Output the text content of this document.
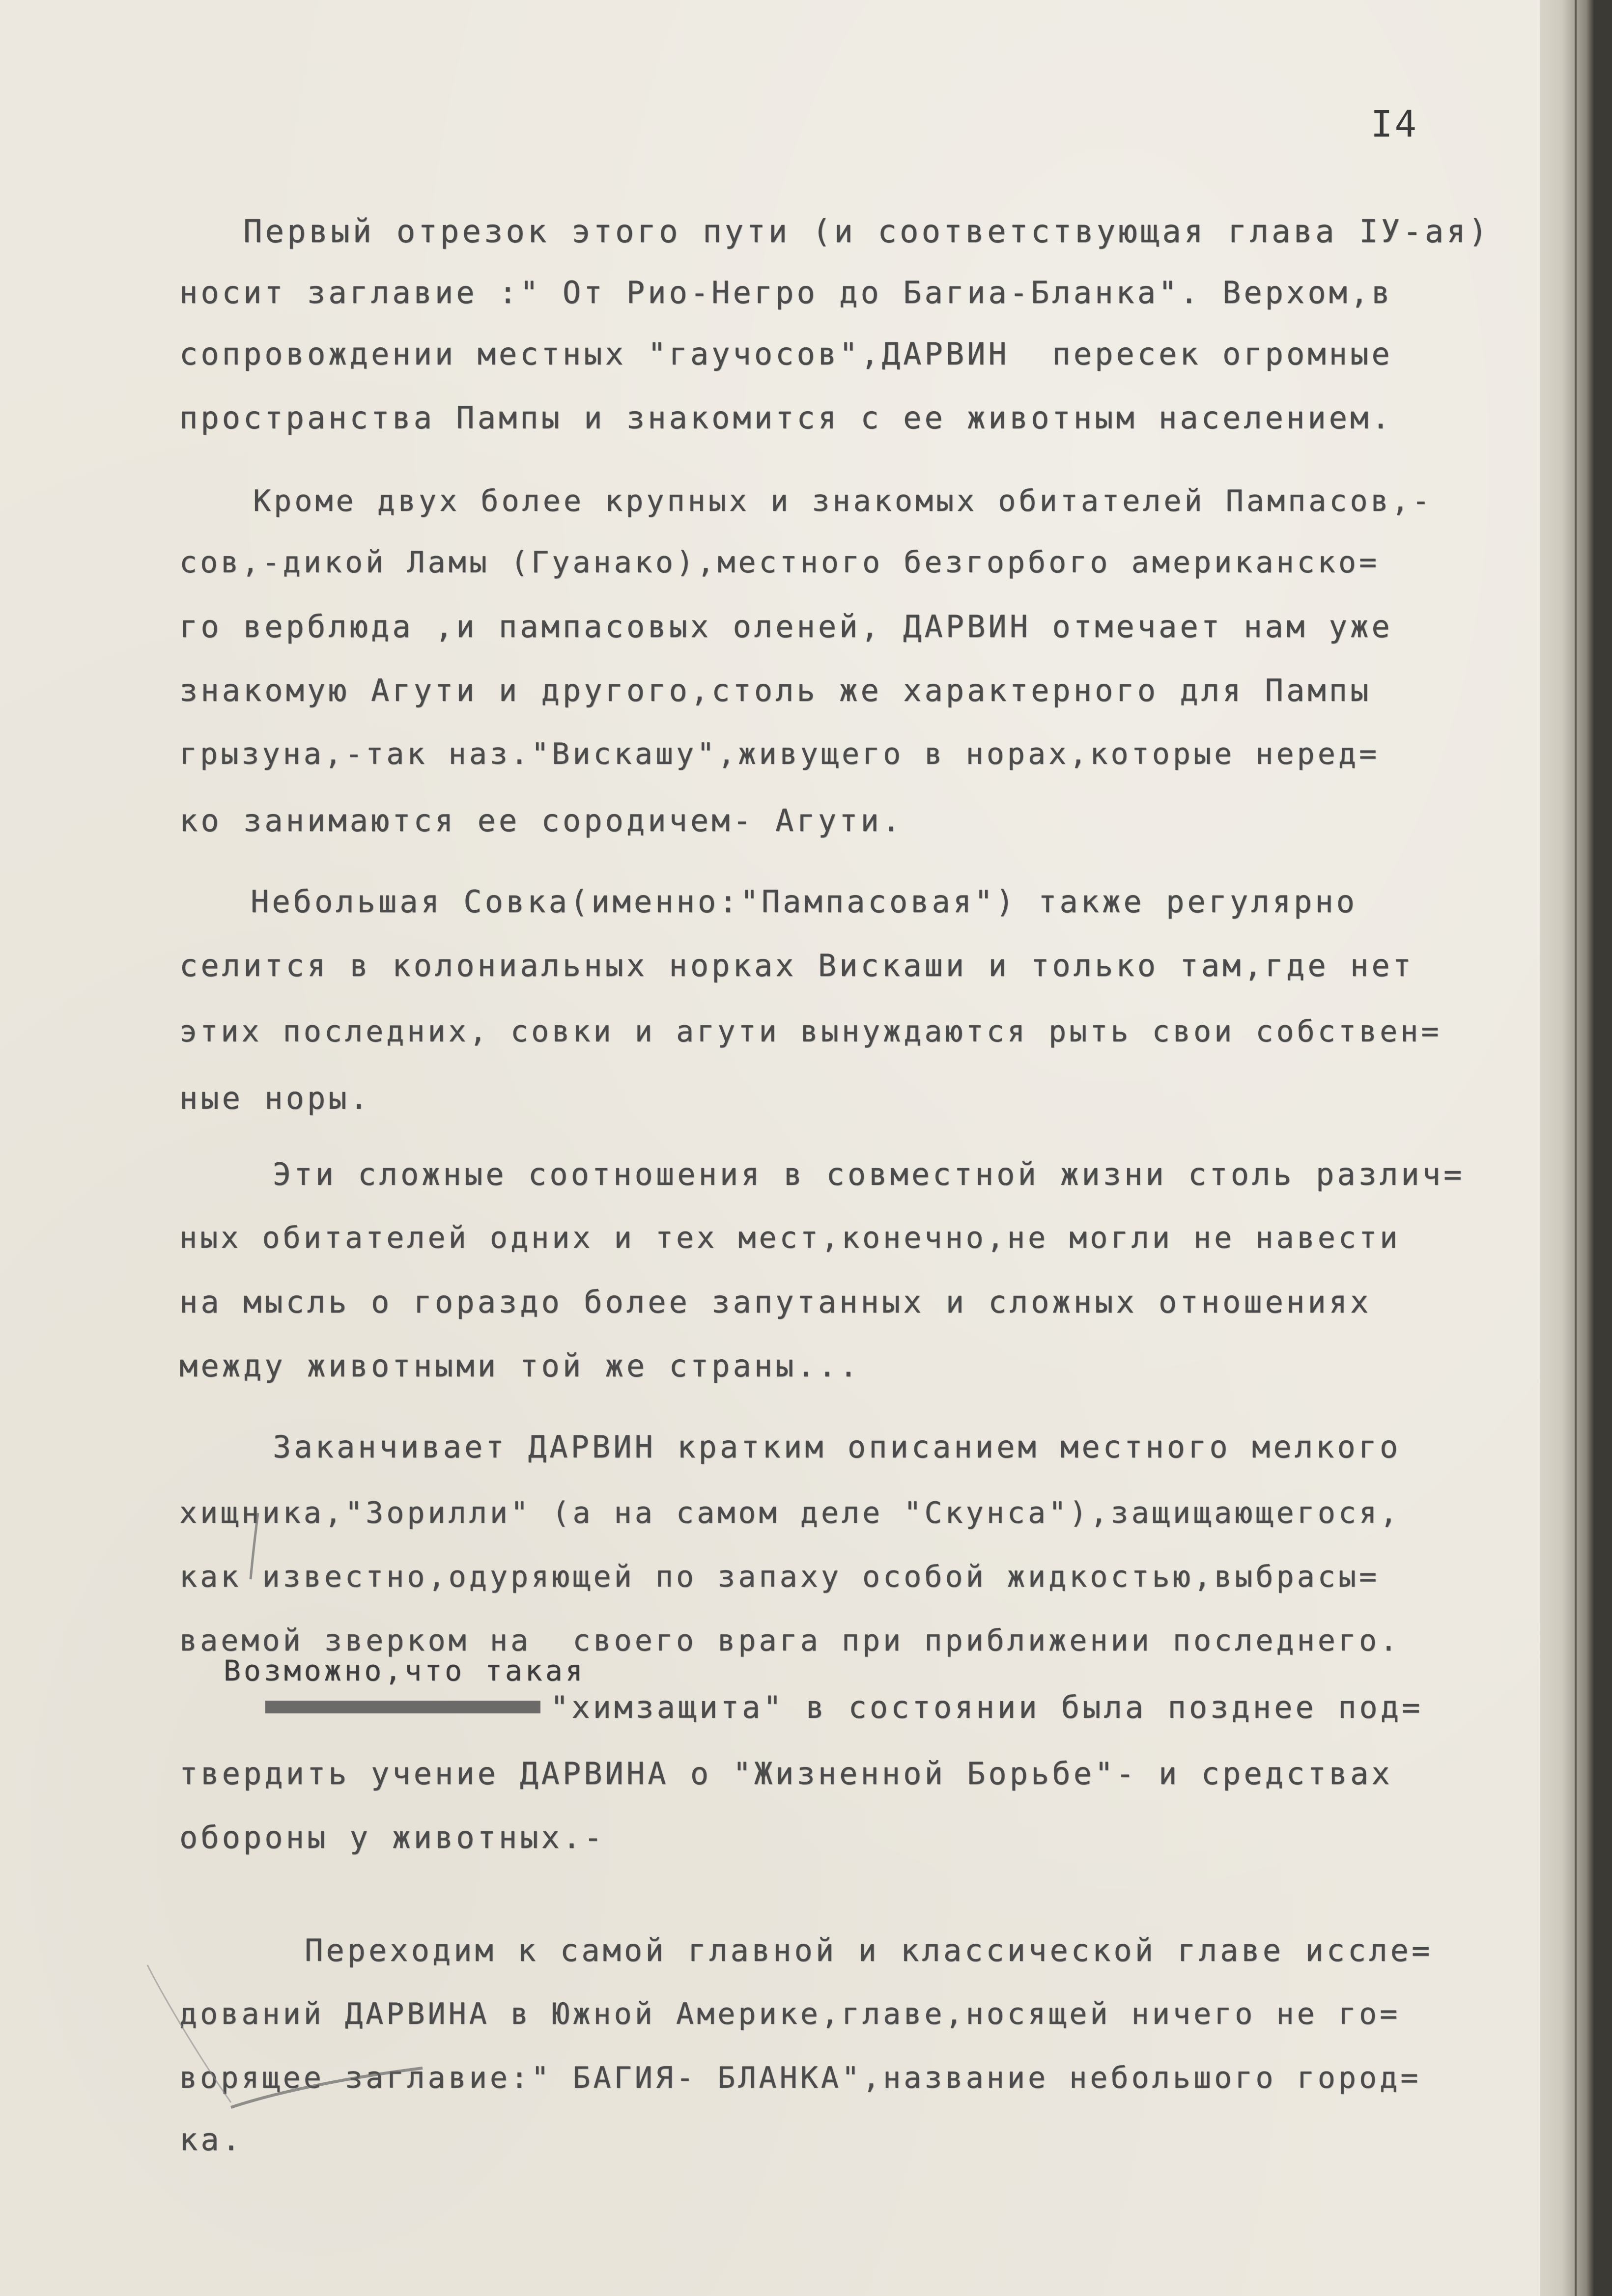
I4
Первый отрезок этого пути (и соответствующая глава IУ-ая)
носит заглавие :" От Рио-Негро до Багиа-Бланка". Верхом,в
сопровождении местных "гаучосов",ДАРВИН  пересек огромные
пространства Пампы и знакомится с ее животным населением.
Кроме двух более крупных и знакомых обитателей Пампасов,-
сов,-дикой Ламы (Гуанако),местного безгорбого американско=
го верблюда ,и пампасовых оленей, ДАРВИН отмечает нам уже
знакомую Агути и другого,столь же характерного для Пампы
грызуна,-так наз."Вискашу",живущего в норах,которые неред=
ко занимаются ее сородичем- Агути.
Небольшая Совка(именно:"Пампасовая") также регулярно
селится в колониальных норках Вискаши и только там,где нет
этих последних, совки и агути вынуждаются рыть свои собствен=
ные норы.
Эти сложные соотношения в совместной жизни столь различ=
ных обитателей одних и тех мест,конечно,не могли не навести
на мысль о гораздо более запутанных и сложных отношениях
между животными той же страны...
Заканчивает ДАРВИН кратким описанием местного мелкого
хищника,"Зорилли" (а на самом деле "Скунса"),защищающегося,
как известно,одуряющей по запаху особой жидкостью,выбрасы=
ваемой зверком на  своего врага при приближении последнего.
Возможно,что такая
"химзащита" в состоянии была позднее под=
твердить учение ДАРВИНА о "Жизненной Борьбе"- и средствах
обороны у животных.-
Переходим к самой главной и классической главе иссле=
дований ДАРВИНА в Южной Америке,главе,носящей ничего не го=
ворящее заглавие:" БАГИЯ- БЛАНКА",название небольшого город=
ка.
